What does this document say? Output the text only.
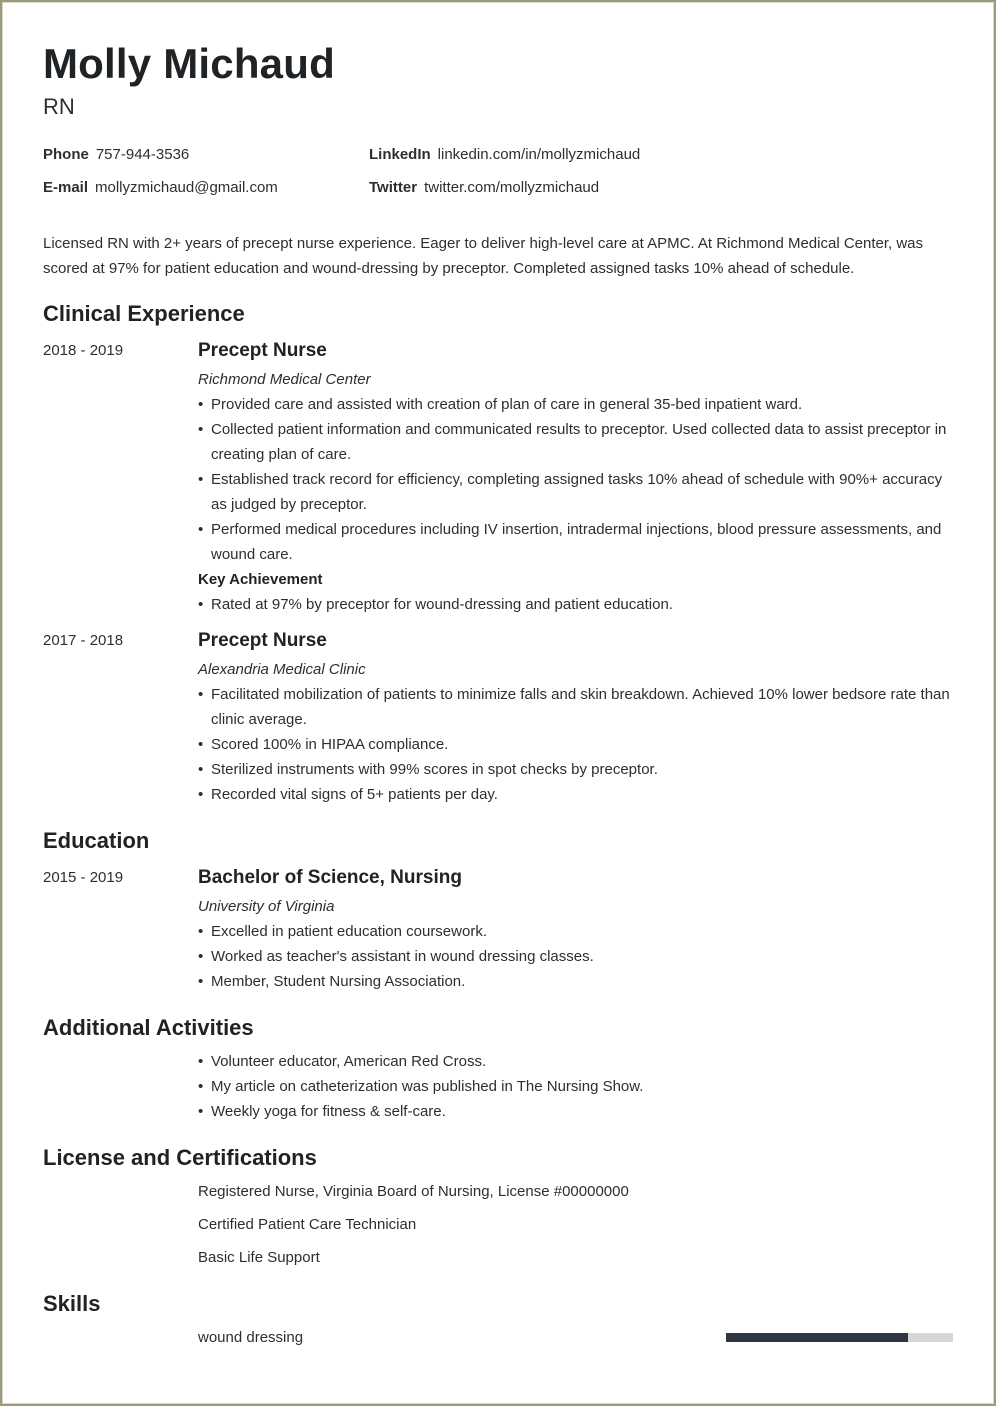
Molly Michaud
RN
Phone 757-944-3536
E-mail mollyzmichaud@gmail.com
LinkedIn linkedin.com/in/mollyzmichaud
Twitter twitter.com/mollyzmichaud
Licensed RN with 2+ years of precept nurse experience. Eager to deliver high-level care at APMC. At Richmond Medical Center, was scored at 97% for patient education and wound-dressing by preceptor. Completed assigned tasks 10% ahead of schedule.
Clinical Experience
2018 - 2019	Precept Nurse
Richmond Medical Center
• Provided care and assisted with creation of plan of care in general 35-bed inpatient ward.
• Collected patient information and communicated results to preceptor. Used collected data to assist preceptor in creating plan of care.
• Established track record for efficiency, completing assigned tasks 10% ahead of schedule with 90%+ accuracy as judged by preceptor.
• Performed medical procedures including IV insertion, intradermal injections, blood pressure assessments, and wound care.
Key Achievement
• Rated at 97% by preceptor for wound-dressing and patient education.
2017 - 2018	Precept Nurse
Alexandria Medical Clinic
• Facilitated mobilization of patients to minimize falls and skin breakdown. Achieved 10% lower bedsore rate than clinic average.
• Scored 100% in HIPAA compliance.
• Sterilized instruments with 99% scores in spot checks by preceptor.
• Recorded vital signs of 5+ patients per day.
Education
2015 - 2019	Bachelor of Science, Nursing
University of Virginia
• Excelled in patient education coursework.
• Worked as teacher's assistant in wound dressing classes.
• Member, Student Nursing Association.
Additional Activities
• Volunteer educator, American Red Cross.
• My article on catheterization was published in The Nursing Show.
• Weekly yoga for fitness & self-care.
License and Certifications
Registered Nurse, Virginia Board of Nursing, License #00000000
Certified Patient Care Technician
Basic Life Support
Skills
wound dressing
